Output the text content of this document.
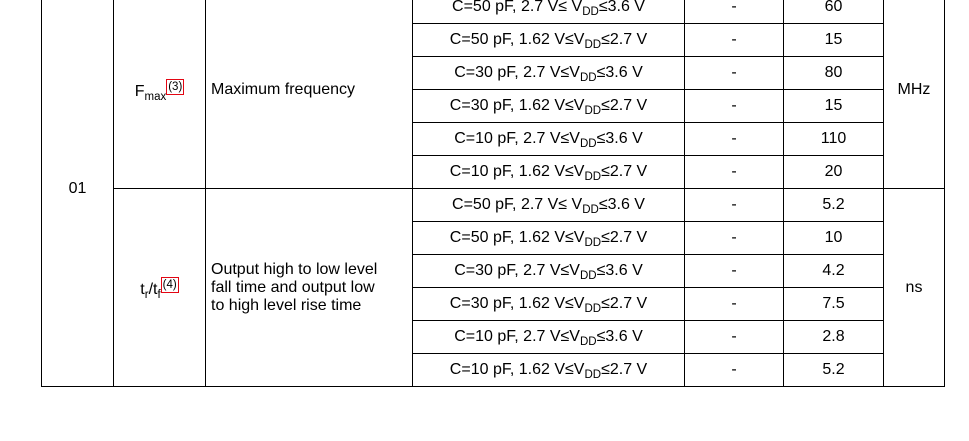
01	$F_{max}^{(3)}$	Maximum frequency	C=50 pF, 2.7 $V\le V_{DD}\le 3.6$ V	-	60	MHz
			C=50 pF, 1.62 $V\le V_{DD}\le 2.7$ V	-	15	
			C=30 pF, 2.7 $V\le V_{DD}\le 3.6$ V	-	80	
			C=30 pF, 1.62 $V\le V_{DD}\le 2.7$ V	-	15	
			C=10 pF, 2.7 $V\le V_{DD}\le 3.6$ V	-	110	
			C=10 pF, 1.62 $V\le V_{DD}\le 2.7$ V	-	20	
	$t_r/t_f^{(4)}$	Output high to low level
fall time and output low
to high level rise time	C=50 pF, 2.7 $V\le V_{DD}\le 3.6$ V	-	5.2	ns
			C=50 pF, 1.62 $V\le V_{DD}\le 2.7$ V	-	10	
			C=30 pF, 2.7 $V\le V_{DD}\le 3.6$ V	-	4.2	
			C=30 pF, 1.62 $V\le V_{DD}\le 2.7$ V	-	7.5	
			C=10 pF, 2.7 $V\le V_{DD}\le 3.6$ V	-	2.8	
			C=10 pF, 1.62 $V\le V_{DD}\le 2.7$ V	-	5.2	
